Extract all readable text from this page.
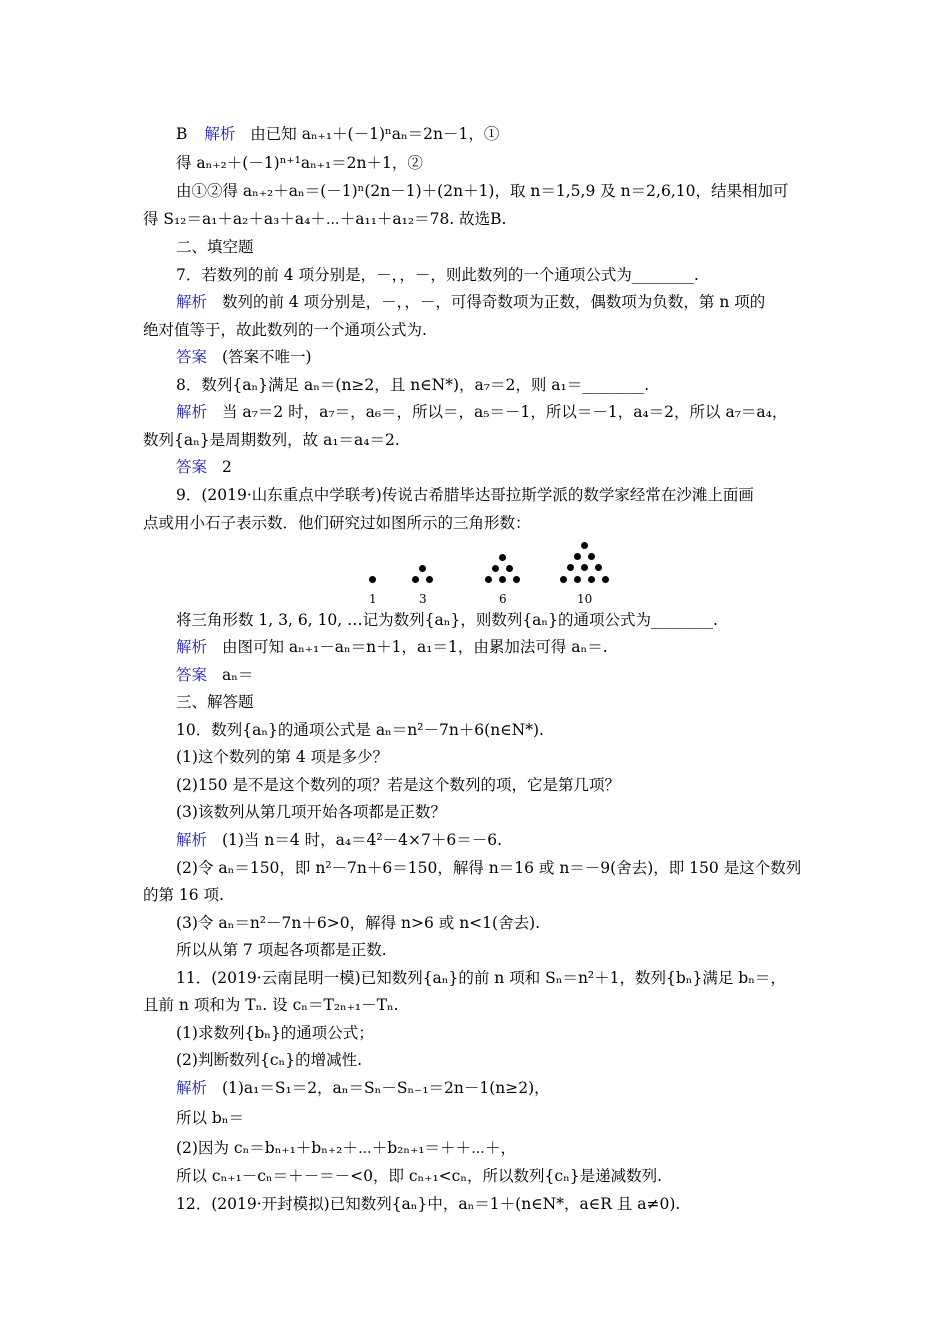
B 解析 由已知 aₙ₊₁＋(－1)ⁿaₙ＝2n－1，①
得 aₙ₊₂＋(－1)ⁿ⁺¹aₙ₊₁＝2n＋1，②
由①②得 aₙ₊₂＋aₙ＝(－1)ⁿ(2n－1)＋(2n＋1)，取 n＝1,5,9 及 n＝2,6,10，结果相加可
得 S₁₂＝a₁＋a₂＋a₃＋a₄＋⋯＋a₁₁＋a₁₂＝78. 故选B.
二、填空题
7．若数列的前 4 项分别是，－，，－，则此数列的一个通项公式为________.
解析 数列的前 4 项分别是，－，，－，可得奇数项为正数，偶数项为负数，第 n 项的
绝对值等于，故此数列的一个通项公式为.
答案 (答案不唯一)
8．数列{aₙ}满足 aₙ＝(n≥2，且 n∈N*)，a₇＝2，则 a₁＝________.
解析 当 a₇＝2 时，a₇＝，a₆＝，所以＝，a₅＝－1，所以＝－1，a₄＝2，所以 a₇＝a₄，
数列{aₙ}是周期数列，故 a₁＝a₄＝2.
答案 2
9．(2019·山东重点中学联考)传说古希腊毕达哥拉斯学派的数学家经常在沙滩上面画
点或用小石子表示数．他们研究过如图所示的三角形数：
1	3	6	10
将三角形数 1, 3, 6, 10, …记为数列{aₙ}，则数列{aₙ}的通项公式为________.
解析 由图可知 aₙ₊₁－aₙ＝n＋1，a₁＝1，由累加法可得 aₙ＝.
答案 aₙ＝
三、解答题
10．数列{aₙ}的通项公式是 aₙ＝n²－7n＋6(n∈N*).
(1)这个数列的第 4 项是多少？
(2)150 是不是这个数列的项？若是这个数列的项，它是第几项？
(3)该数列从第几项开始各项都是正数？
解析 (1)当 n＝4 时，a₄＝4²－4×7＋6＝－6.
(2)令 aₙ＝150，即 n²－7n＋6＝150，解得 n＝16 或 n＝－9(舍去)，即 150 是这个数列
的第 16 项.
(3)令 aₙ＝n²－7n＋6>0，解得 n>6 或 n<1(舍去).
所以从第 7 项起各项都是正数.
11．(2019·云南昆明一模)已知数列{aₙ}的前 n 项和 Sₙ＝n²＋1，数列{bₙ}满足 bₙ＝，
且前 n 项和为 Tₙ. 设 cₙ＝T₂ₙ₊₁－Tₙ.
(1)求数列{bₙ}的通项公式；
(2)判断数列{cₙ}的增减性.
解析 (1)a₁＝S₁＝2，aₙ＝Sₙ－Sₙ₋₁＝2n－1(n≥2)，
所以 bₙ＝
(2)因为 cₙ＝bₙ₊₁＋bₙ₊₂＋⋯＋b₂ₙ₊₁＝＋＋⋯＋，
所以 cₙ₊₁－cₙ＝＋－＝－<0，即 cₙ₊₁<cₙ，所以数列{cₙ}是递减数列.
12．(2019·开封模拟)已知数列{aₙ}中，aₙ＝1＋(n∈N*，a∈R 且 a≠0).
